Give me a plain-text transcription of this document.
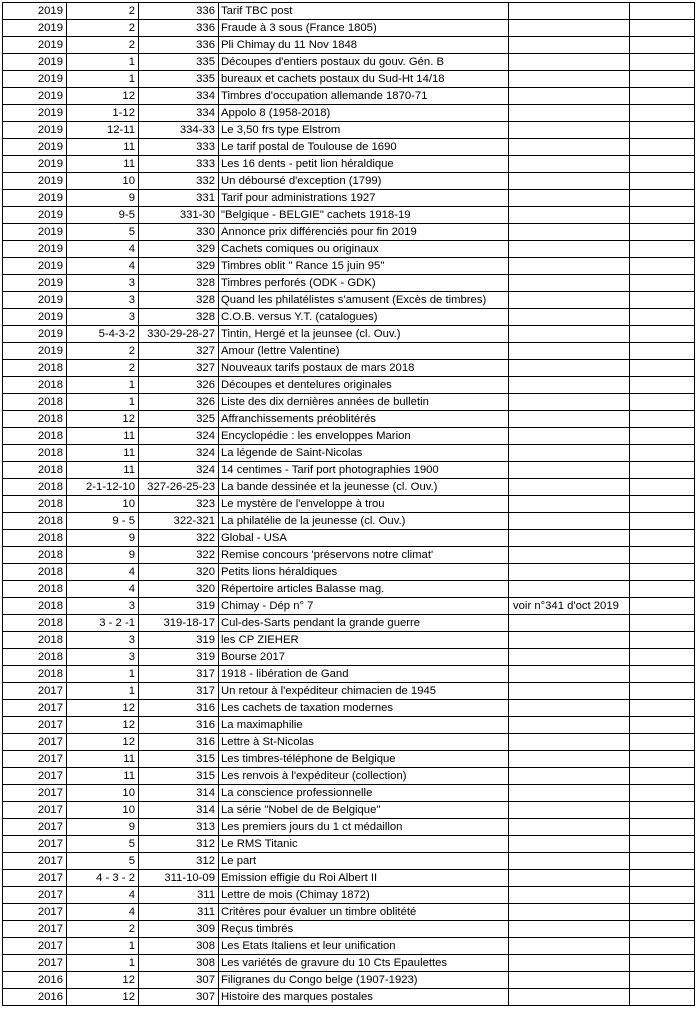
2019	2	336	Tarif TBC post		
2019	2	336	Fraude à 3 sous (France 1805)		
2019	2	336	Pli Chimay du 11 Nov 1848		
2019	1	335	Découpes d'entiers postaux du gouv. Gén. B		
2019	1	335	bureaux et cachets postaux du Sud-Ht 14/18		
2019	12	334	Timbres d'occupation allemande 1870-71		
2019	1-12	334	Appolo 8 (1958-2018)		
2019	12-11	334-33	Le 3,50 frs type Elstrom		
2019	11	333	Le tarif postal de Toulouse de 1690		
2019	11	333	Les 16 dents - petit lion héraldique		
2019	10	332	Un déboursé d'exception (1799)		
2019	9	331	Tarif pour administrations 1927		
2019	9-5	331-30	"Belgique - BELGIE" cachets 1918-19		
2019	5	330	Annonce prix différenciés pour fin 2019		
2019	4	329	Cachets comiques ou originaux		
2019	4	329	Timbres oblit " Rance 15 juin 95"		
2019	3	328	Timbres perforés (ODK - GDK)		
2019	3	328	Quand les philatélistes s'amusent (Excès de timbres)		
2019	3	328	C.O.B. versus Y.T. (catalogues)		
2019	5-4-3-2	330-29-28-27	Tintin, Hergé et la jeunsee (cl. Ouv.)		
2019	2	327	Amour (lettre Valentine)		
2018	2	327	Nouveaux tarifs postaux de mars 2018		
2018	1	326	Découpes et dentelures originales		
2018	1	326	Liste des dix dernières années de bulletin		
2018	12	325	Affranchissements préoblitérés		
2018	11	324	Encyclopédie : les enveloppes Marion		
2018	11	324	La légende de Saint-Nicolas		
2018	11	324	14 centimes - Tarif port photographies 1900		
2018	2-1-12-10	327-26-25-23	La bande dessinée et la jeunesse (cl. Ouv.)		
2018	10	323	Le mystère de l'enveloppe à trou		
2018	9 - 5	322-321	La philatélie de la jeunesse (cl. Ouv.)		
2018	9	322	Global - USA		
2018	9	322	Remise concours 'préservons notre climat'		
2018	4	320	Petits lions héraldiques		
2018	4	320	Répertoire articles Balasse mag.		
2018	3	319	Chimay - Dép n° 7	voir n°341 d'oct 2019	
2018	3 - 2 -1	319-18-17	Cul-des-Sarts pendant la grande guerre		
2018	3	319	les CP ZIEHER		
2018	3	319	Bourse 2017		
2018	1	317	1918 - libération de Gand		
2017	1	317	Un retour à l'expéditeur chimacien de 1945		
2017	12	316	Les cachets de taxation modernes		
2017	12	316	La maximaphilie		
2017	12	316	Lettre à St-Nicolas		
2017	11	315	Les timbres-téléphone de Belgique		
2017	11	315	Les renvois à l'expéditeur (collection)		
2017	10	314	La conscience professionnelle		
2017	10	314	La série "Nobel de de Belgique"		
2017	9	313	Les premiers jours du 1 ct médaillon		
2017	5	312	Le RMS Titanic		
2017	5	312	Le part		
2017	4 - 3 - 2	311-10-09	Emission effigie du Roi Albert II		
2017	4	311	Lettre de mois (Chimay 1872)		
2017	4	311	Critères pour évaluer un timbre oblitété		
2017	2	309	Reçus timbrés		
2017	1	308	Les Etats Italiens et leur unification		
2017	1	308	Les variétés de gravure du 10 Cts Epaulettes		
2016	12	307	Filigranes du Congo belge (1907-1923)		
2016	12	307	Histoire des marques postales		
